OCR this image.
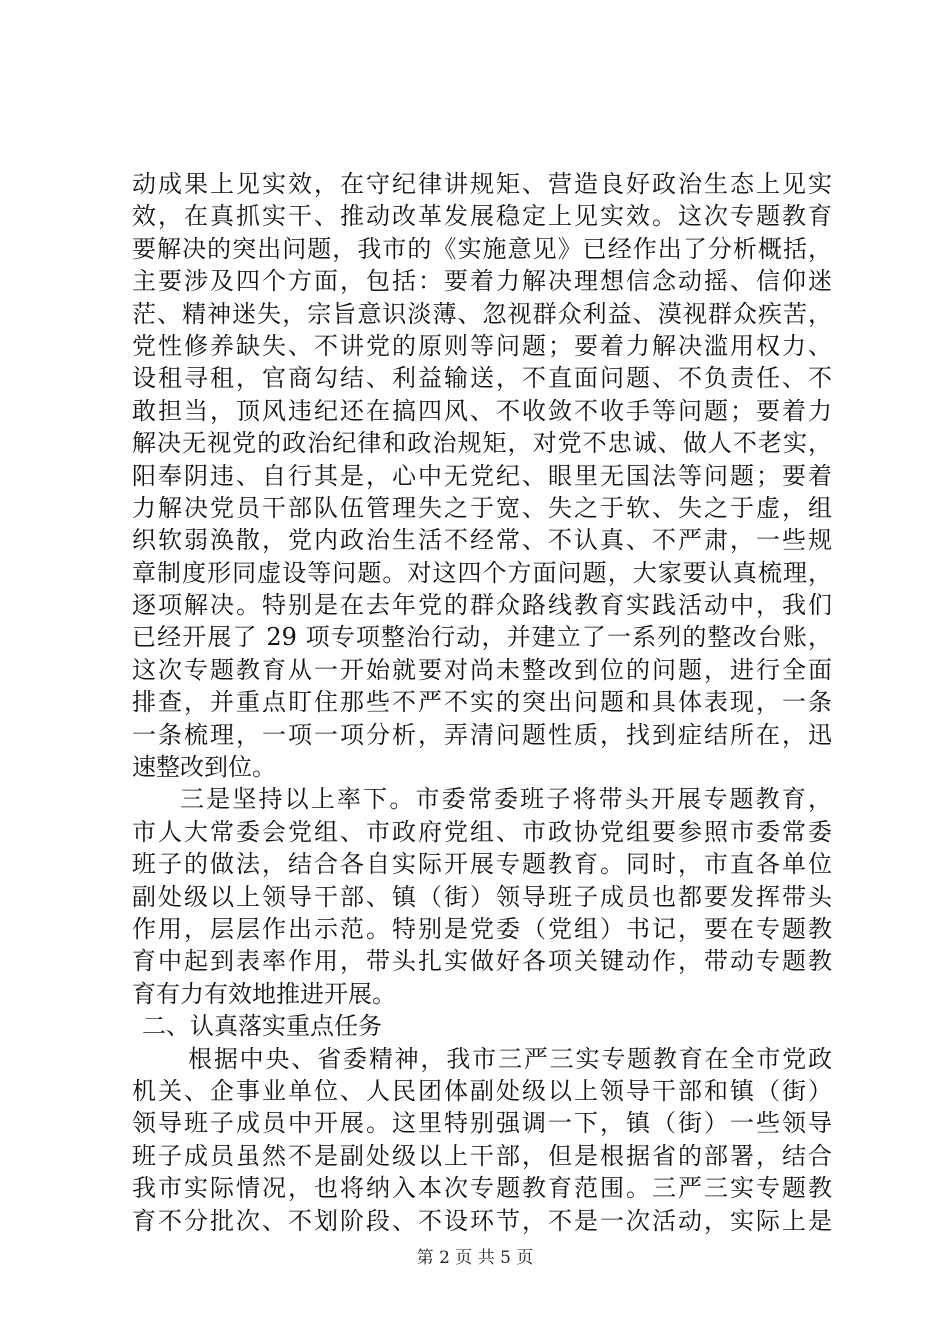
动成果上见实效，在守纪律讲规矩、营造良好政治生态上见实
效，在真抓实干、推动改革发展稳定上见实效。这次专题教育
要解决的突出问题，我市的《实施意见》已经作出了分析概括，
主要涉及四个方面，包括：要着力解决理想信念动摇、信仰迷
茫、精神迷失，宗旨意识淡薄、忽视群众利益、漠视群众疾苦，
党性修养缺失、不讲党的原则等问题；要着力解决滥用权力、
设租寻租，官商勾结、利益输送，不直面问题、不负责任、不
敢担当，顶风违纪还在搞四风、不收敛不收手等问题；要着力
解决无视党的政治纪律和政治规矩，对党不忠诚、做人不老实，
阳奉阴违、自行其是，心中无党纪、眼里无国法等问题；要着
力解决党员干部队伍管理失之于宽、失之于软、失之于虚，组
织软弱涣散，党内政治生活不经常、不认真、不严肃，一些规
章制度形同虚设等问题。对这四个方面问题，大家要认真梳理，
逐项解决。特别是在去年党的群众路线教育实践活动中，我们
已经开展了 29 项专项整治行动，并建立了一系列的整改台账，
这次专题教育从一开始就要对尚未整改到位的问题，进行全面
排查，并重点盯住那些不严不实的突出问题和具体表现，一条
一条梳理，一项一项分析，弄清问题性质，找到症结所在，迅
速整改到位。
三是坚持以上率下。市委常委班子将带头开展专题教育，
市人大常委会党组、市政府党组、市政协党组要参照市委常委
班子的做法，结合各自实际开展专题教育。同时，市直各单位
副处级以上领导干部、镇（街）领导班子成员也都要发挥带头
作用，层层作出示范。特别是党委（党组）书记，要在专题教
育中起到表率作用，带头扎实做好各项关键动作，带动专题教
育有力有效地推进开展。
二、认真落实重点任务
根据中央、省委精神，我市三严三实专题教育在全市党政
机关、企事业单位、人民团体副处级以上领导干部和镇（街）
领导班子成员中开展。这里特别强调一下，镇（街）一些领导
班子成员虽然不是副处级以上干部，但是根据省的部署，结合
我市实际情况，也将纳入本次专题教育范围。三严三实专题教
育不分批次、不划阶段、不设环节，不是一次活动，实际上是
第 2 页 共 5 页
